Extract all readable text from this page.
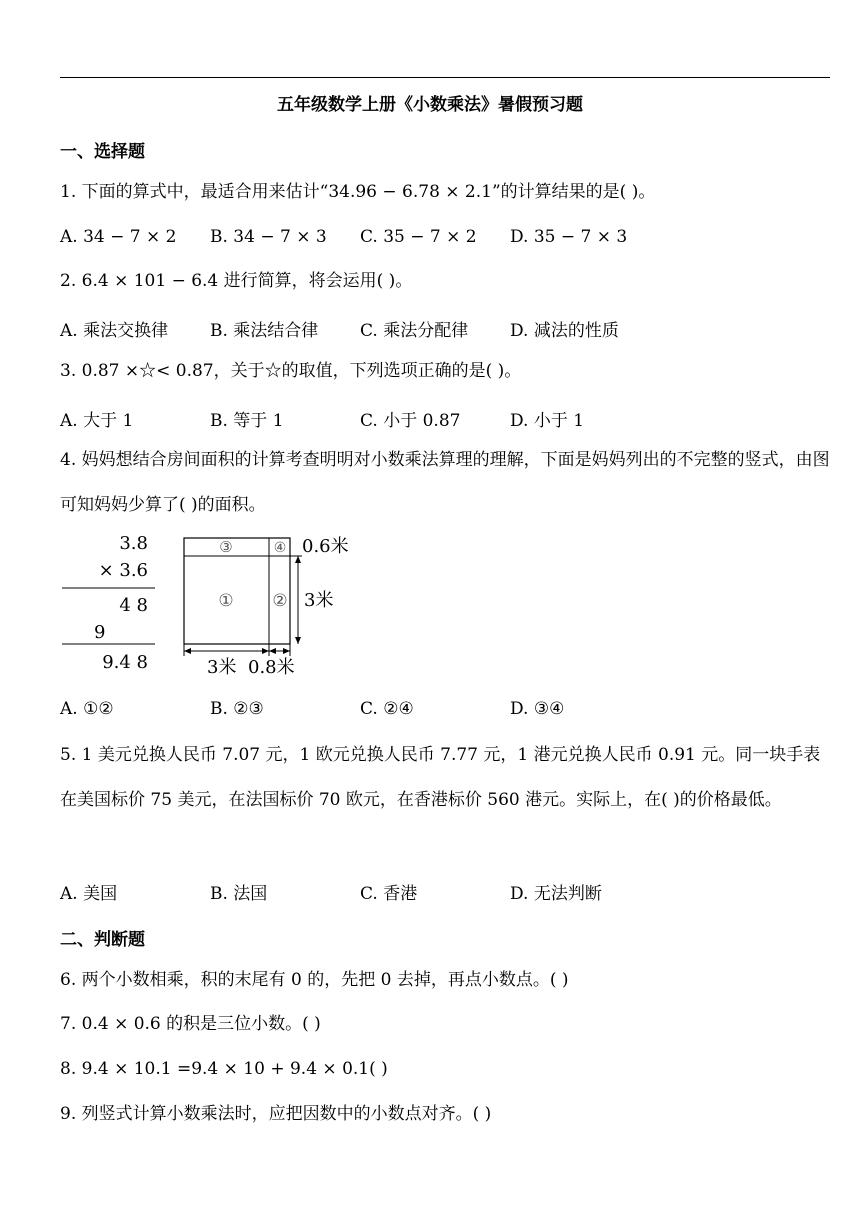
五年级数学上册《小数乘法》暑假预习题
一、选择题
1. 下面的算式中，最适合用来估计“34.96 − 6.78 × 2.1”的计算结果的是( )。
A. 34 − 7 × 2 B. 34 − 7 × 3 C. 35 − 7 × 2 D. 35 − 7 × 3
2. 6.4 × 101 − 6.4 进行简算，将会运用( )。
A. 乘法交换律 B. 乘法结合律 C. 乘法分配律 D. 减法的性质
3. 0.87 ×☆< 0.87，关于☆的取值，下列选项正确的是( )。
A. 大于 1	B. 等于 1	C. 小于 0.87	D. 小于 1
4. 妈妈想结合房间面积的计算考查明明对小数乘法算理的理解，下面是妈妈列出的不完整的竖式，由图可知妈妈少算了( )的面积。
3.8
× 3.6
4 8
9
9.4 8
③	④
① ②
0.6米
3米
3米 0.8米
A. ①②	B. ②③	C. ②④	D. ③④
5. 1 美元兑换人民币 7.07 元，1 欧元兑换人民币 7.77 元，1 港元兑换人民币 0.91 元。同一块手表在美国标价 75 美元，在法国标价 70 欧元，在香港标价 560 港元。实际上，在( )的价格最低。
A. 美国	B. 法国	C. 香港	D. 无法判断
二、判断题
6. 两个小数相乘，积的末尾有 0 的，先把 0 去掉，再点小数点。( )
7. 0.4 × 0.6 的积是三位小数。( )
8. 9.4 × 10.1 =9.4 × 10 + 9.4 × 0.1( )
9. 列竖式计算小数乘法时，应把因数中的小数点对齐。( )
